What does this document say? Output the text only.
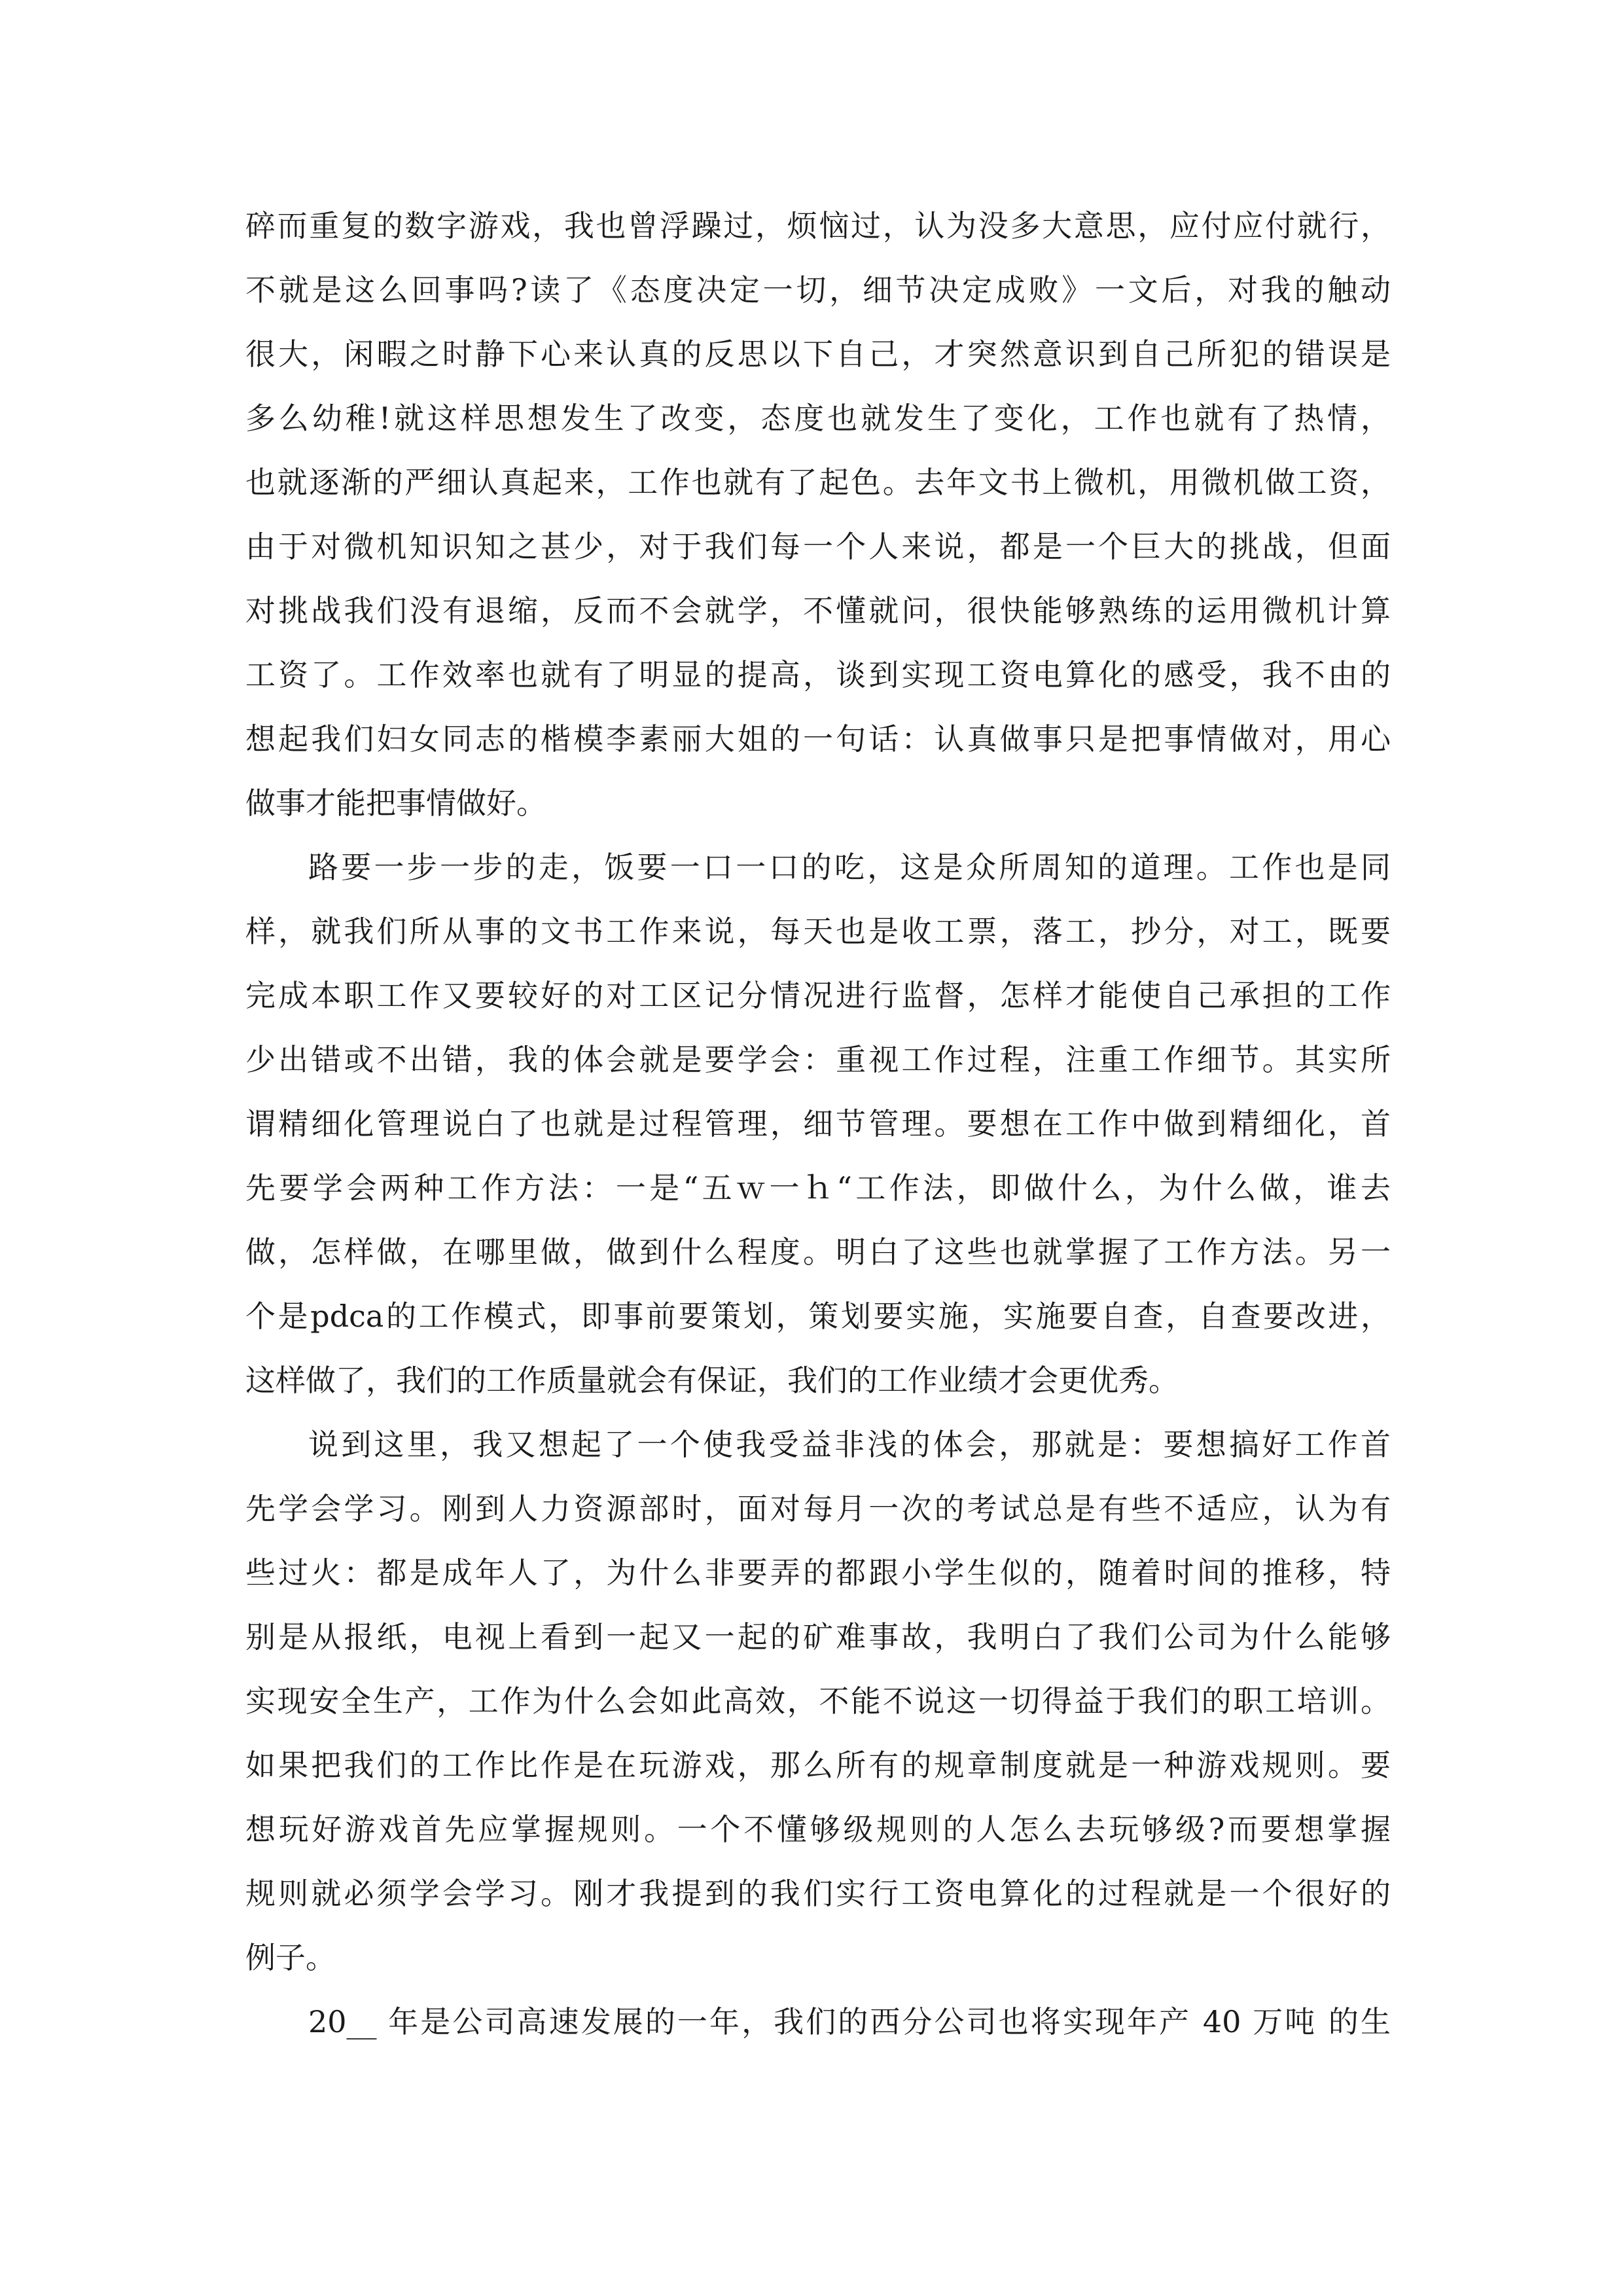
碎而重复的数字游戏，我也曾浮躁过，烦恼过，认为没多大意思，应付应付就行，
不就是这么回事吗?读了《态度决定一切，细节决定成败》一文后，对我的触动
很大，闲暇之时静下心来认真的反思以下自己，才突然意识到自己所犯的错误是
多么幼稚!就这样思想发生了改变，态度也就发生了变化，工作也就有了热情，
也就逐渐的严细认真起来，工作也就有了起色。去年文书上微机，用微机做工资，
由于对微机知识知之甚少，对于我们每一个人来说，都是一个巨大的挑战，但面
对挑战我们没有退缩，反而不会就学，不懂就问，很快能够熟练的运用微机计算
工资了。工作效率也就有了明显的提高，谈到实现工资电算化的感受，我不由的
想起我们妇女同志的楷模李素丽大姐的一句话：认真做事只是把事情做对，用心
做事才能把事情做好。
路要一步一步的走，饭要一口一口的吃，这是众所周知的道理。工作也是同
样，就我们所从事的文书工作来说，每天也是收工票，落工，抄分，对工，既要
完成本职工作又要较好的对工区记分情况进行监督，怎样才能使自己承担的工作
少出错或不出错，我的体会就是要学会：重视工作过程，注重工作细节。其实所
谓精细化管理说白了也就是过程管理，细节管理。要想在工作中做到精细化，首
先要学会两种工作方法：一是“五ｗ一ｈ“工作法，即做什么，为什么做，谁去
做，怎样做，在哪里做，做到什么程度。明白了这些也就掌握了工作方法。另一
个是pdca的工作模式，即事前要策划，策划要实施，实施要自查，自查要改进，
这样做了，我们的工作质量就会有保证，我们的工作业绩才会更优秀。
说到这里，我又想起了一个使我受益非浅的体会，那就是：要想搞好工作首
先学会学习。刚到人力资源部时，面对每月一次的考试总是有些不适应，认为有
些过火：都是成年人了，为什么非要弄的都跟小学生似的，随着时间的推移，特
别是从报纸，电视上看到一起又一起的矿难事故，我明白了我们公司为什么能够
实现安全生产，工作为什么会如此高效，不能不说这一切得益于我们的职工培训。
如果把我们的工作比作是在玩游戏，那么所有的规章制度就是一种游戏规则。要
想玩好游戏首先应掌握规则。一个不懂够级规则的人怎么去玩够级?而要想掌握
规则就必须学会学习。刚才我提到的我们实行工资电算化的过程就是一个很好的
例子。
20__ 年是公司高速发展的一年，我们的西分公司也将实现年产 40 万吨 的生
